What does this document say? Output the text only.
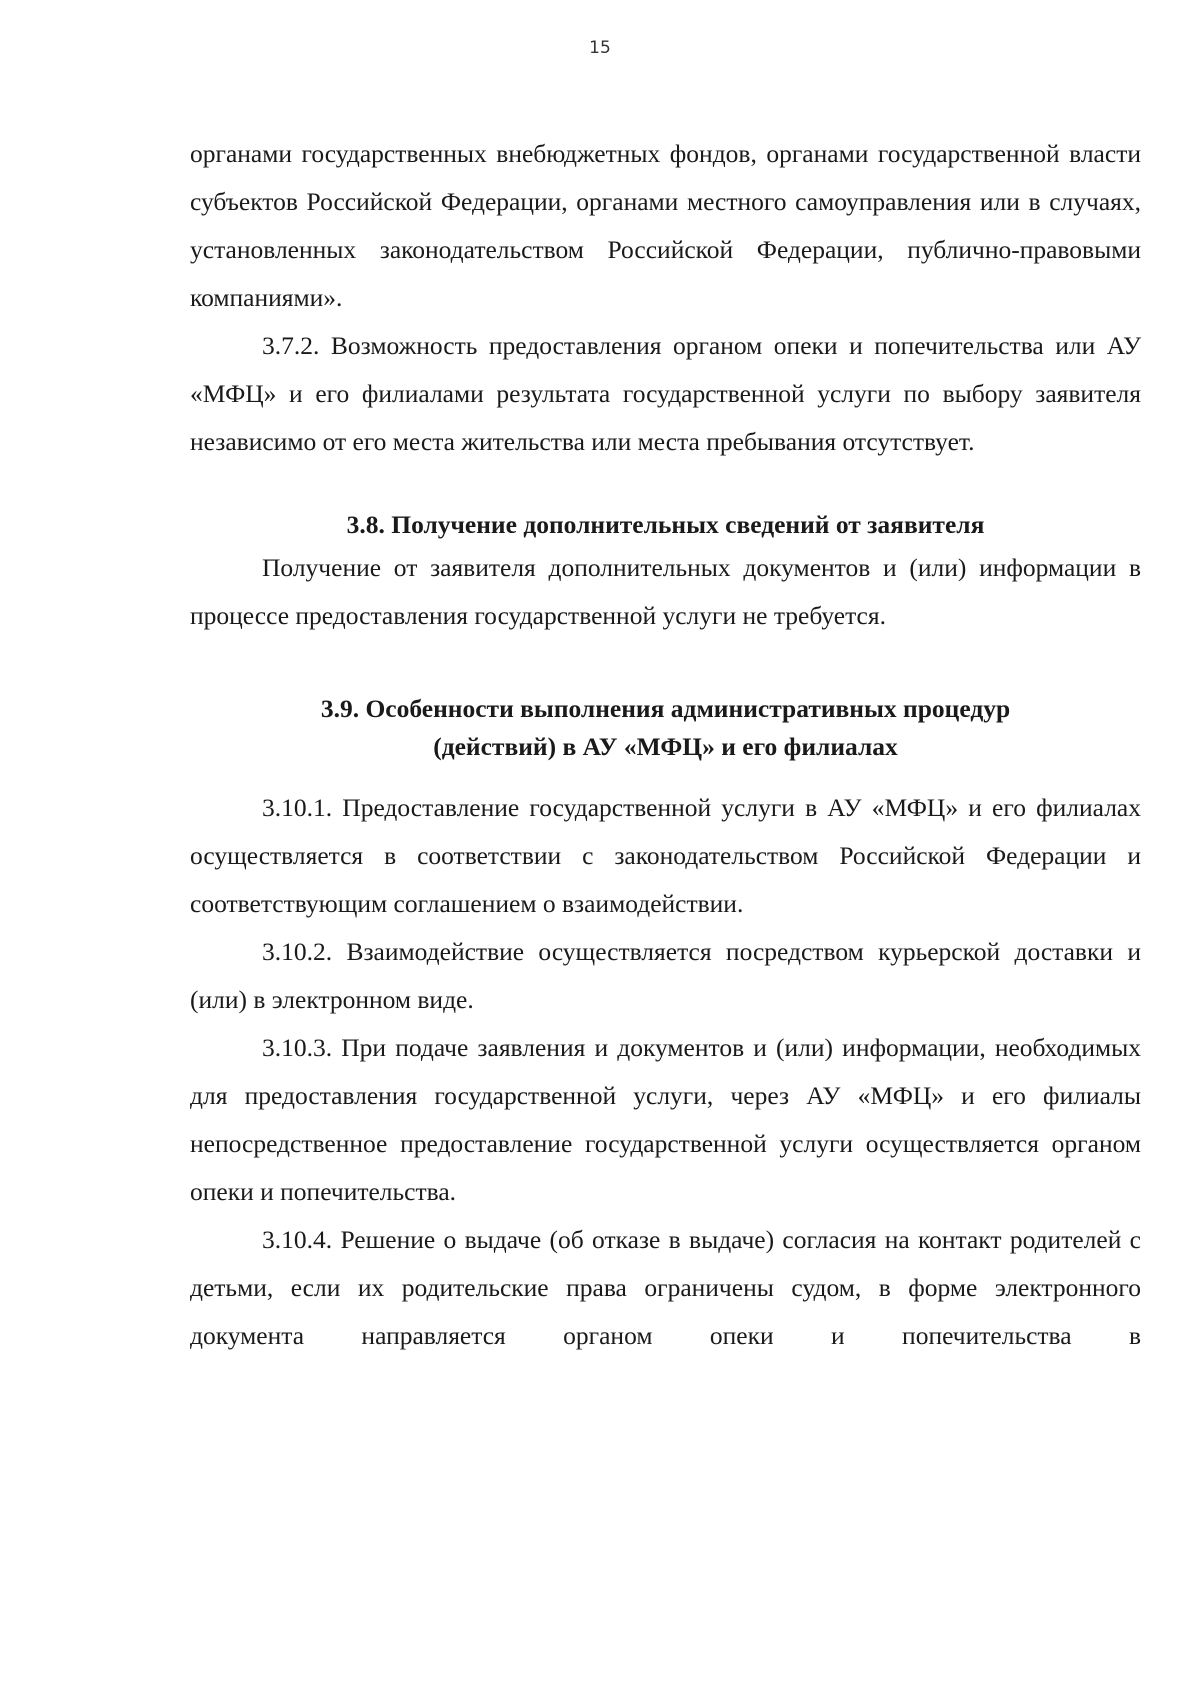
15

органами государственных внебюджетных фондов, органами государственной власти субъектов Российской Федерации, органами местного самоуправления или в случаях, установленных законодательством Российской Федерации, публично-правовыми компаниями».

3.7.2. Возможность предоставления органом опеки и попечительства или АУ «МФЦ» и его филиалами результата государственной услуги по выбору заявителя независимо от его места жительства или места пребывания отсутствует.

3.8. Получение дополнительных сведений от заявителя

Получение от заявителя дополнительных документов и (или) информации в процессе предоставления государственной услуги не требуется.

3.9. Особенности выполнения административных процедур
(действий) в АУ «МФЦ» и его филиалах

3.10.1. Предоставление государственной услуги в АУ «МФЦ» и его филиалах осуществляется в соответствии с законодательством Российской Федерации и соответствующим соглашением о взаимодействии.

3.10.2. Взаимодействие осуществляется посредством курьерской доставки и (или) в электронном виде.

3.10.3. При подаче заявления и документов и (или) информации, необходимых для предоставления государственной услуги, через АУ «МФЦ» и его филиалы непосредственное предоставление государственной услуги осуществляется органом опеки и попечительства.

3.10.4. Решение о выдаче (об отказе в выдаче) согласия на контакт родителей с детьми, если их родительские права ограничены судом, в форме электронного документа направляется органом опеки и попечительства в
